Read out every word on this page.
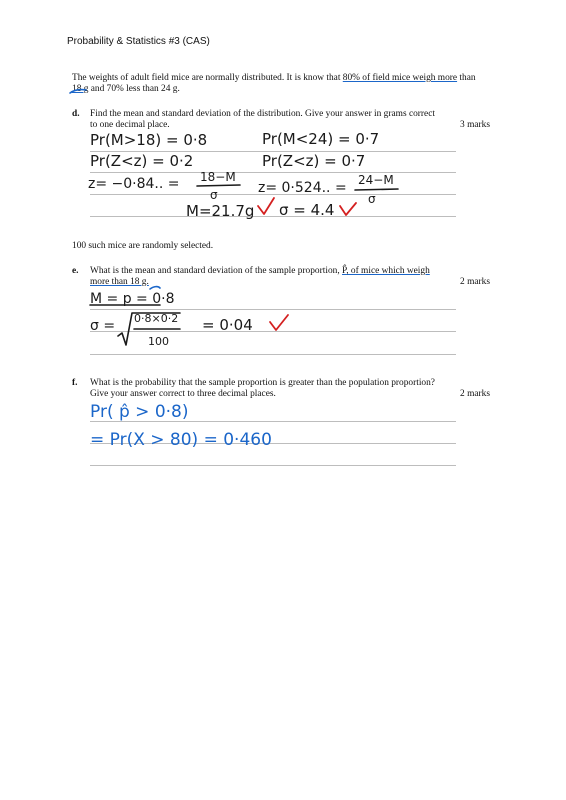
Probability & Statistics #3 (CAS)
The weights of adult field mice are normally distributed. It is know that 80% of field mice weigh more than
18 g and 70% less than 24 g.
d. Find the mean and standard deviation of the distribution. Give your answer in grams correct
to one decimal place.	3 marks
Pr(M>18) = 0·8	Pr(M<24) = 0·7
Pr(Z<z) = 0·2	Pr(Z<z) = 0·7
z= −0·84.. = 18−M
σ	z= 0·524.. = 24−M
σ
M=21.7g σ = 4.4
100 such mice are randomly selected.
e. What is the mean and standard deviation of the sample proportion, P̂, of mice which weigh
more than 18 g.	2 marks
M = p = 0·8
σ = 0·8×0·2
100
= 0·04
f. What is the probability that the sample proportion is greater than the population proportion?
Give your answer correct to three decimal places.	2 marks
Pr( p̂ > 0·8)
= Pr(X > 80) = 0·460
